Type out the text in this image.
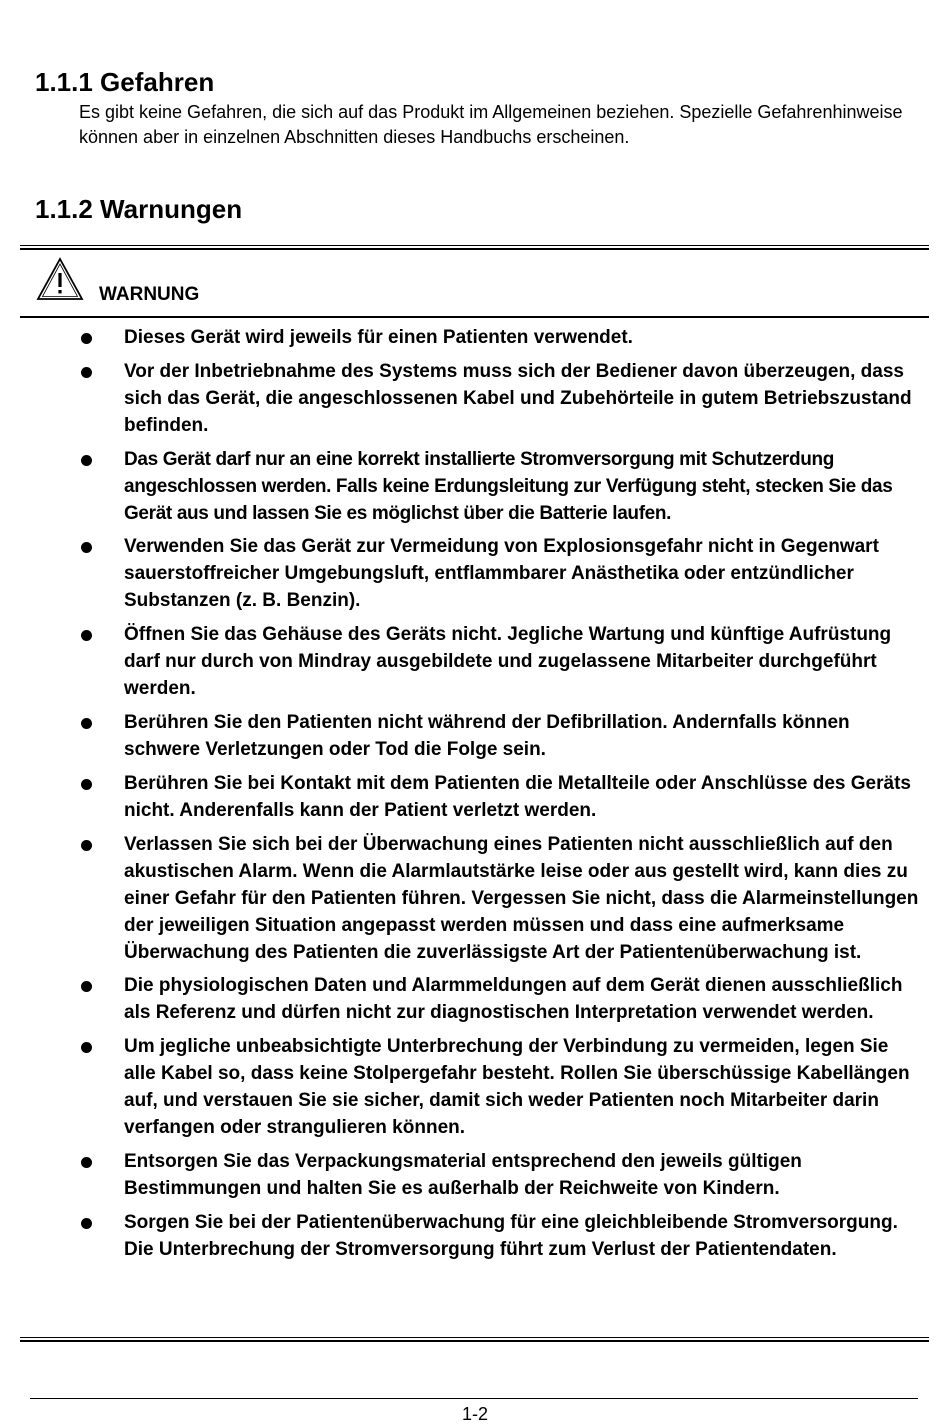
1.1.1 Gefahren

Es gibt keine Gefahren, die sich auf das Produkt im Allgemeinen beziehen. Spezielle Gefahrenhinweise können aber in einzelnen Abschnitten dieses Handbuchs erscheinen.

1.1.2 Warnungen
WARNUNG
Dieses Gerät wird jeweils für einen Patienten verwendet.
Vor der Inbetriebnahme des Systems muss sich der Bediener davon überzeugen, dass sich das Gerät, die angeschlossenen Kabel und Zubehörteile in gutem Betriebszustand befinden.
Das Gerät darf nur an eine korrekt installierte Stromversorgung mit Schutzerdung angeschlossen werden. Falls keine Erdungsleitung zur Verfügung steht, stecken Sie das Gerät aus und lassen Sie es möglichst über die Batterie laufen.
Verwenden Sie das Gerät zur Vermeidung von Explosionsgefahr nicht in Gegenwart sauerstoffreicher Umgebungsluft, entflammbarer Anästhetika oder entzündlicher Substanzen (z. B. Benzin).
Öffnen Sie das Gehäuse des Geräts nicht. Jegliche Wartung und künftige Aufrüstung darf nur durch von Mindray ausgebildete und zugelassene Mitarbeiter durchgeführt werden.
Berühren Sie den Patienten nicht während der Defibrillation. Andernfalls können schwere Verletzungen oder Tod die Folge sein.
Berühren Sie bei Kontakt mit dem Patienten die Metallteile oder Anschlüsse des Geräts nicht. Anderenfalls kann der Patient verletzt werden.
Verlassen Sie sich bei der Überwachung eines Patienten nicht ausschließlich auf den akustischen Alarm. Wenn die Alarmlautstärke leise oder aus gestellt wird, kann dies zu einer Gefahr für den Patienten führen. Vergessen Sie nicht, dass die Alarmeinstellungen der jeweiligen Situation angepasst werden müssen und dass eine aufmerksame Überwachung des Patienten die zuverlässigste Art der Patientenüberwachung ist.
Die physiologischen Daten und Alarmmeldungen auf dem Gerät dienen ausschließlich als Referenz und dürfen nicht zur diagnostischen Interpretation verwendet werden.
Um jegliche unbeabsichtigte Unterbrechung der Verbindung zu vermeiden, legen Sie alle Kabel so, dass keine Stolpergefahr besteht. Rollen Sie überschüssige Kabellängen auf, und verstauen Sie sie sicher, damit sich weder Patienten noch Mitarbeiter darin verfangen oder strangulieren können.
Entsorgen Sie das Verpackungsmaterial entsprechend den jeweils gültigen Bestimmungen und halten Sie es außerhalb der Reichweite von Kindern.
Sorgen Sie bei der Patientenüberwachung für eine gleichbleibende Stromversorgung. Die Unterbrechung der Stromversorgung führt zum Verlust der Patientendaten.
1-2
